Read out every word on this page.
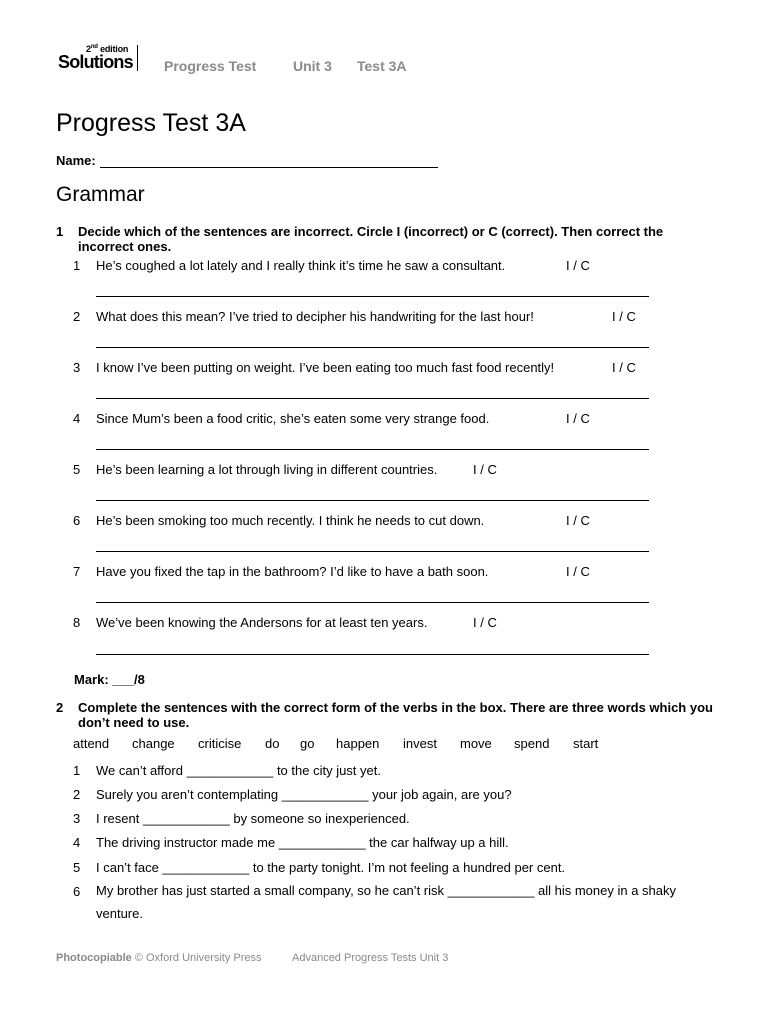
2nd edition
Solutions Progress Test	Unit 3 Test 3A
Progress Test 3A
Name:
Grammar
1 Decide which of the sentences are incorrect. Circle I (incorrect) or C (correct). Then correct the incorrect ones.
1 He’s coughed a lot lately and I really think it’s time he saw a consultant.	I / C
2 What does this mean? I’ve tried to decipher his handwriting for the last hour!	I / C
3 I know I’ve been putting on weight. I’ve been eating too much fast food recently!	I / C
4 Since Mum’s been a food critic, she’s eaten some very strange food.	I / C
5 He’s been learning a lot through living in different countries.	I / C
6 He’s been smoking too much recently. I think he needs to cut down.	I / C
7 Have you fixed the tap in the bathroom? I’d like to have a bath soon.	I / C
8 We’ve been knowing the Andersons for at least ten years.	I / C
Mark: ___/8
2 Complete the sentences with the correct form of the verbs in the box. There are three words which you don’t need to use.
attend change criticise do go happen invest move spend start
1 We can’t afford ____________ to the city just yet.
2 Surely you aren’t contemplating ____________ your job again, are you?
3 I resent ____________ by someone so inexperienced.
4 The driving instructor made me ____________ the car halfway up a hill.
5 I can’t face ____________ to the party tonight. I’m not feeling a hundred per cent.
6 My brother has just started a small company, so he can’t risk ____________ all his money in a shaky venture.
Photocopiable © Oxford University Press	Advanced Progress Tests Unit 3
